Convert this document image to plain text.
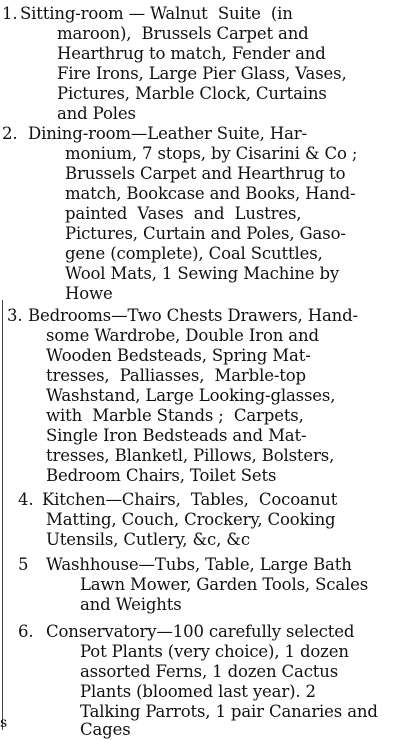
1. Sitting-room — Walnut  Suite  (in
maroon),  Brussels Carpet and
Hearthrug to match, Fender and
Fire Irons, Large Pier Glass, Vases,
Pictures, Marble Clock, Curtains
and Poles
2. Dining-room—Leather Suite, Har-
monium, 7 stops, by Cisarini & Co ;
Brussels Carpet and Hearthrug to
match, Bookcase and Books, Hand-
painted  Vases  and  Lustres,
Pictures, Curtain and Poles, Gaso-
gene (complete), Coal Scuttles,
Wool Mats, 1 Sewing Machine by
Howe
3. Bedrooms—Two Chests Drawers, Hand-
some Wardrobe, Double Iron and
Wooden Bedsteads, Spring Mat-
tresses,  Palliasses,  Marble-top
Washstand, Large Looking-glasses,
with  Marble Stands ;  Carpets,
Single Iron Bedsteads and Mat-
tresses, Blanketl, Pillows, Bolsters,
Bedroom Chairs, Toilet Sets
4. Kitchen—Chairs,  Tables,  Cocoanut
Matting, Couch, Crockery, Cooking
Utensils, Cutlery, &c, &c
5 Washhouse—Tubs, Table, Large Bath
Lawn Mower, Garden Tools, Scales
and Weights
6. Conservatory—100 carefully selected
Pot Plants (very choice), 1 dozen
assorted Ferns, 1 dozen Cactus
Plants (bloomed last year). 2
Talking Parrots, 1 pair Canaries and
Cages
s
